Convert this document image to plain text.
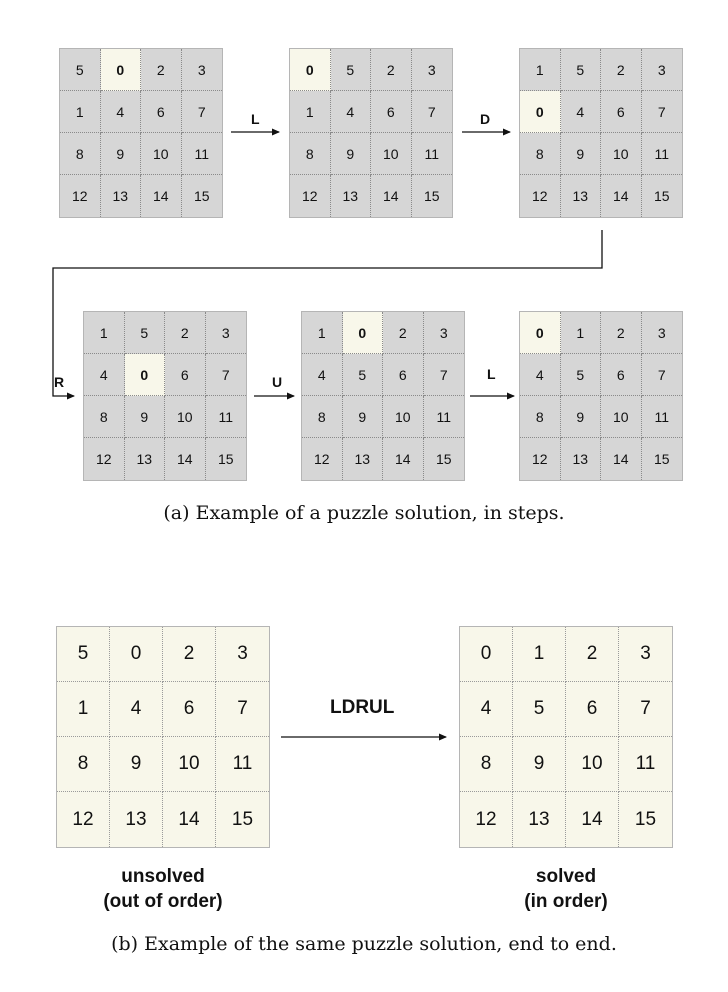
5	0	2	3
1	4	6	7
8	9	10	11
12	13	14	15
0	5	2	3
1	4	6	7
8	9	10	11
12	13	14	15
1	5	2	3
0	4	6	7
8	9	10	11
12	13	14	15
1	5	2	3
4	0	6	7
8	9	10	11
12	13	14	15
1	0	2	3
4	5	6	7
8	9	10	11
12	13	14	15
0	1	2	3
4	5	6	7
8	9	10	11
12	13	14	15
L	D
R	U	L
(a) Example of a puzzle solution, in steps.
5	0	2	3
1	4	6	7
8	9	10	11
12	13	14	15
0	1	2	3
4	5	6	7
8	9	10	11
12	13	14	15
LDRUL
unsolved
(out of order)
solved
(in order)
(b) Example of the same puzzle solution, end to end.
